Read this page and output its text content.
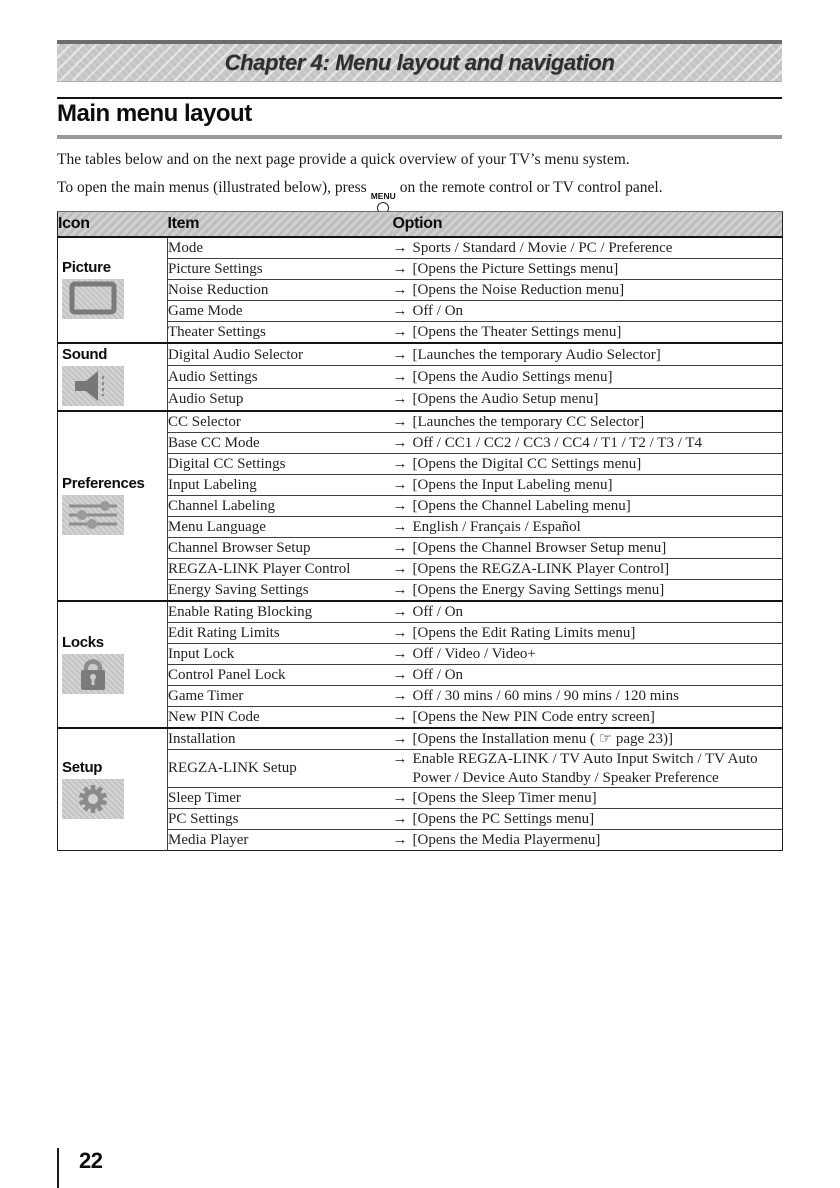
Chapter 4: Menu layout and navigation
Main menu layout

The tables below and on the next page provide a quick overview of your TV’s menu system.

To open the main menus (illustrated below), press MENU on the remote control or TV control panel.

Icon	Item	Option

Picture	Mode	→ Sports / Standard / Movie / PC / Preference

	Picture Settings	→ [Opens the Picture Settings menu]

	Noise Reduction	→ [Opens the Noise Reduction menu]

	Game Mode	→ Off / On

	Theater Settings	→ [Opens the Theater Settings menu]

Sound	Digital Audio Selector	→ [Launches the temporary Audio Selector]

	Audio Settings	→ [Opens the Audio Settings menu]

	Audio Setup	→ [Opens the Audio Setup menu]

Preferences	CC Selector	→ [Launches the temporary CC Selector]

	Base CC Mode	→ Off / CC1 / CC2 / CC3 / CC4 / T1 / T2 / T3 / T4

	Digital CC Settings	→ [Opens the Digital CC Settings menu]

	Input Labeling	→ [Opens the Input Labeling menu]

	Channel Labeling	→ [Opens the Channel Labeling menu]

	Menu Language	→ English / Français / Español

	Channel Browser Setup	→ [Opens the Channel Browser Setup menu]

	REGZA-LINK Player Control	→ [Opens the REGZA-LINK Player Control]

	Energy Saving Settings	→ [Opens the Energy Saving Settings menu]

Locks	Enable Rating Blocking	→ Off / On

	Edit Rating Limits	→ [Opens the Edit Rating Limits menu]

	Input Lock	→ Off / Video / Video+

	Control Panel Lock	→ Off / On

	Game Timer	→ Off / 30 mins / 60 mins / 90 mins / 120 mins

	New PIN Code	→ [Opens the New PIN Code entry screen]

Setup	Installation	→ [Opens the Installation menu ( ☞ page 23)]

	REGZA-LINK Setup	→ Enable REGZA-LINK / TV Auto Input Switch / TV Auto Power / Device Auto Standby / Speaker Preference

	Sleep Timer	→ [Opens the Sleep Timer menu]

	PC Settings	→ [Opens the PC Settings menu]

	Media Player	→ [Opens the Media Playermenu]
22
